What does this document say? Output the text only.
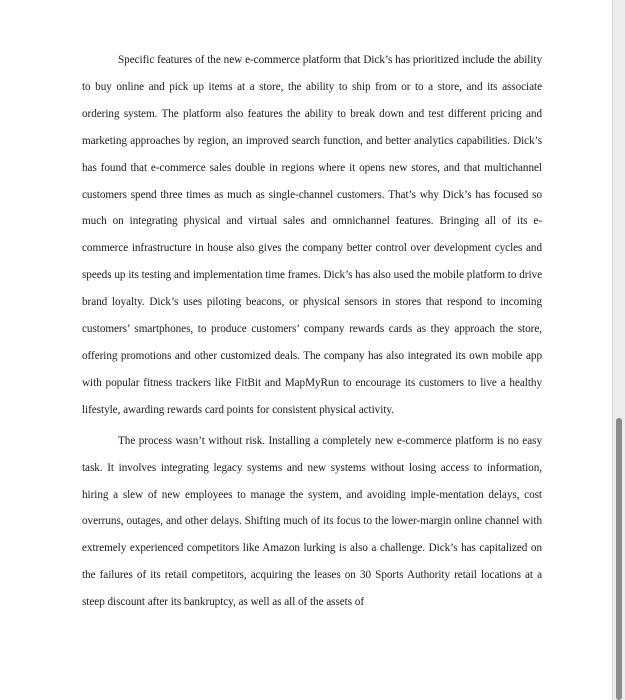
Specific features of the new e-commerce platform that Dick’s has prioritized include the ability to buy online and pick up items at a store, the ability to ship from or to a store, and its associate ordering system. The platform also features the ability to break down and test different pricing and marketing approaches by region, an improved search function, and better analytics capabilities. Dick’s has found that e-commerce sales double in regions where it opens new stores, and that multichannel customers spend three times as much as single-channel customers. That’s why Dick’s has focused so much on integrating physical and virtual sales and omnichannel features. Bringing all of its e-commerce infrastructure in house also gives the company better control over development cycles and speeds up its testing and implementation time frames. Dick’s has also used the mobile platform to drive brand loyalty. Dick’s uses piloting beacons, or physical sensors in stores that respond to incoming customers’ smartphones, to produce customers’ company rewards cards as they approach the store, offering promotions and other customized deals. The company has also integrated its own mobile app with popular fitness trackers like FitBit and MapMyRun to encourage its customers to live a healthy lifestyle, awarding rewards card points for consistent physical activity.

The process wasn’t without risk. Installing a completely new e-commerce platform is no easy task. It involves integrating legacy systems and new systems without losing access to information, hiring a slew of new employees to manage the system, and avoiding imple-mentation delays, cost overruns, outages, and other delays. Shifting much of its focus to the lower-margin online channel with extremely experienced competitors like Amazon lurking is also a challenge. Dick’s has capitalized on the failures of its retail competitors, acquiring the leases on 30 Sports Authority retail locations at a steep discount after its bankruptcy, as well as all of the assets of
